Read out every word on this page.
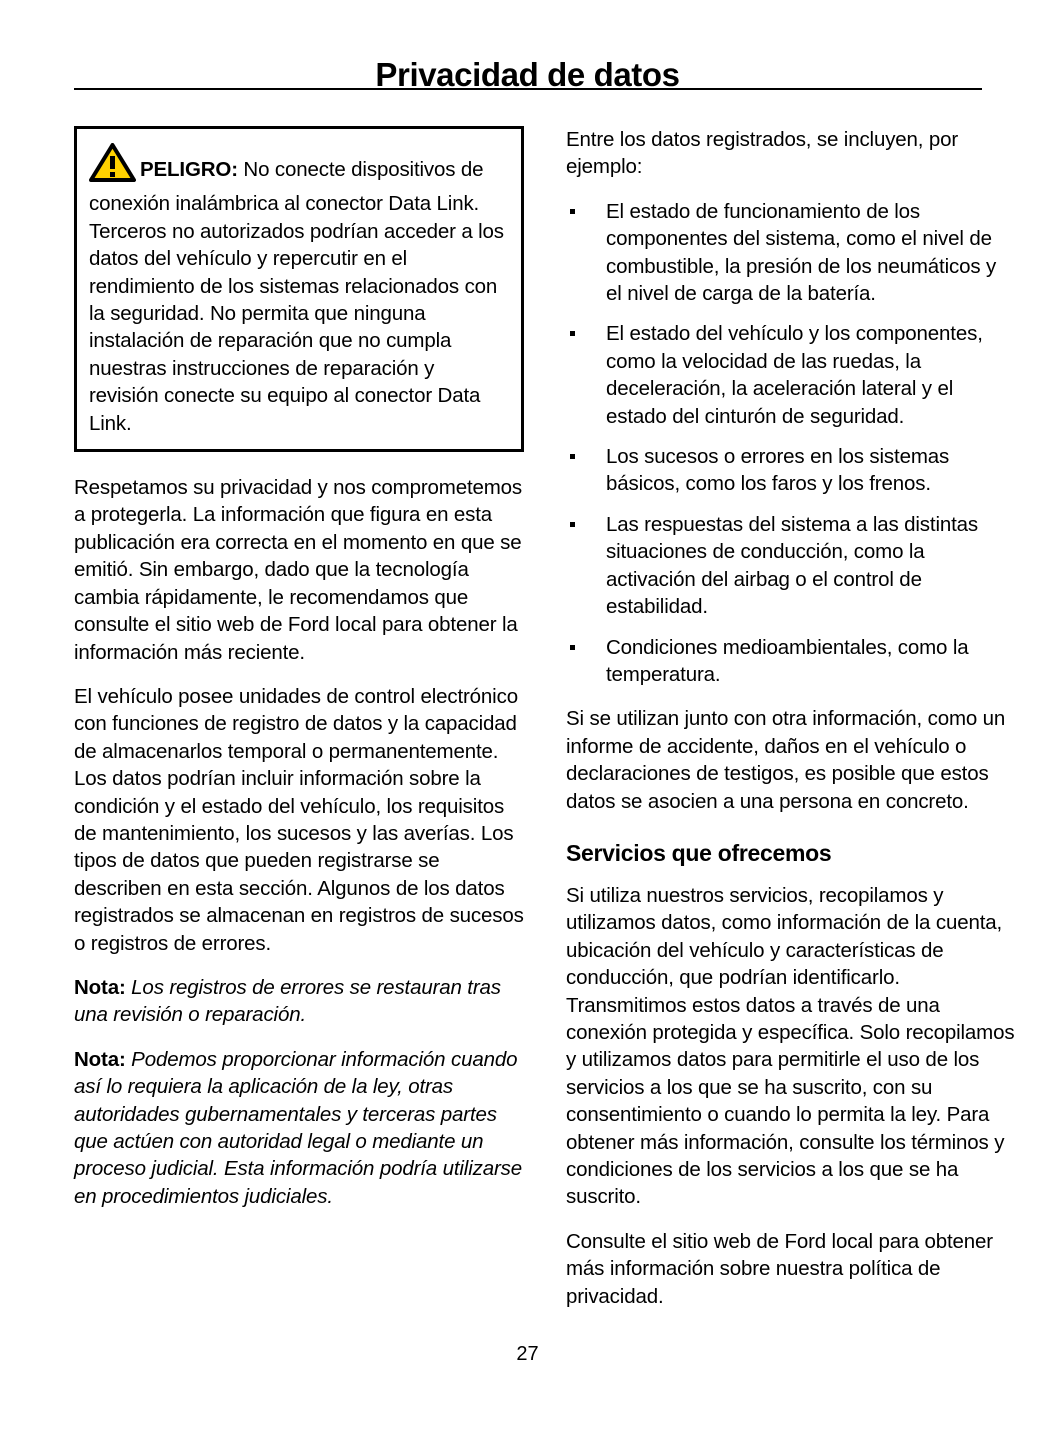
Privacidad de datos

PELIGRO: No conecte dispositivos de conexión inalámbrica al conector Data Link. Terceros no autorizados podrían acceder a los datos del vehículo y repercutir en el rendimiento de los sistemas relacionados con la seguridad. No permita que ninguna instalación de reparación que no cumpla nuestras instrucciones de reparación y revisión conecte su equipo al conector Data Link.

Respetamos su privacidad y nos comprometemos a protegerla. La información que figura en esta publicación era correcta en el momento en que se emitió. Sin embargo, dado que la tecnología cambia rápidamente, le recomendamos que consulte el sitio web de Ford local para obtener la información más reciente.

El vehículo posee unidades de control electrónico con funciones de registro de datos y la capacidad de almacenarlos temporal o permanentemente. Los datos podrían incluir información sobre la condición y el estado del vehículo, los requisitos de mantenimiento, los sucesos y las averías. Los tipos de datos que pueden registrarse se describen en esta sección. Algunos de los datos registrados se almacenan en registros de sucesos o registros de errores.

Nota: Los registros de errores se restauran tras una revisión o reparación.

Nota: Podemos proporcionar información cuando así lo requiera la aplicación de la ley, otras autoridades gubernamentales y terceras partes que actúen con autoridad legal o mediante un proceso judicial. Esta información podría utilizarse en procedimientos judiciales.

Entre los datos registrados, se incluyen, por ejemplo:

El estado de funcionamiento de los componentes del sistema, como el nivel de combustible, la presión de los neumáticos y el nivel de carga de la batería.
El estado del vehículo y los componentes, como la velocidad de las ruedas, la deceleración, la aceleración lateral y el estado del cinturón de seguridad.
Los sucesos o errores en los sistemas básicos, como los faros y los frenos.
Las respuestas del sistema a las distintas situaciones de conducción, como la activación del airbag o el control de estabilidad.
Condiciones medioambientales, como la temperatura.

Si se utilizan junto con otra información, como un informe de accidente, daños en el vehículo o declaraciones de testigos, es posible que estos datos se asocien a una persona en concreto.

Servicios que ofrecemos

Si utiliza nuestros servicios, recopilamos y utilizamos datos, como información de la cuenta, ubicación del vehículo y características de conducción, que podrían identificarlo. Transmitimos estos datos a través de una conexión protegida y específica. Solo recopilamos y utilizamos datos para permitirle el uso de los servicios a los que se ha suscrito, con su consentimiento o cuando lo permita la ley. Para obtener más información, consulte los términos y condiciones de los servicios a los que se ha suscrito.

Consulte el sitio web de Ford local para obtener más información sobre nuestra política de privacidad.

27
